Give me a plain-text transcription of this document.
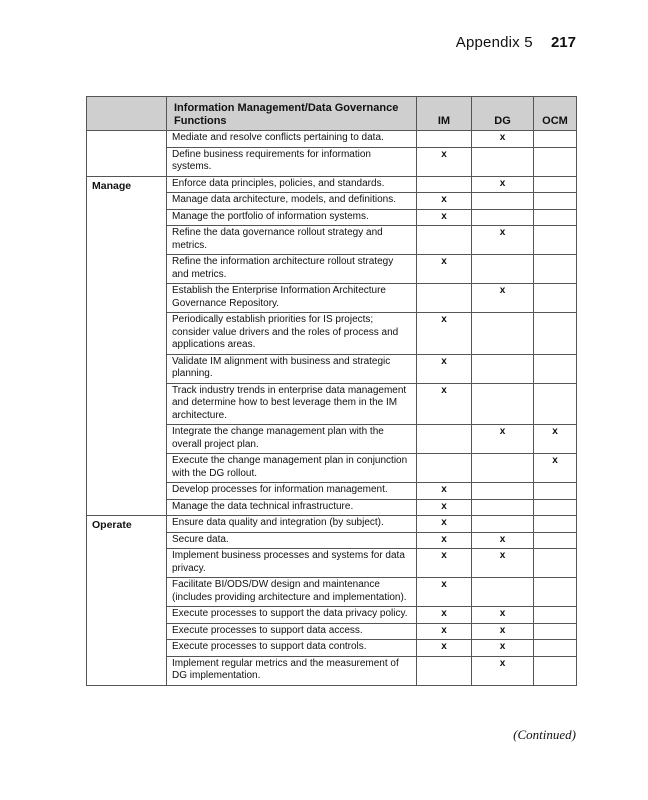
Appendix 5 217
	Information Management/Data Governance Functions	IM	DG	OCM
	Mediate and resolve conflicts pertaining to data.		x	
	Define business requirements for information systems.	x		
Manage	Enforce data principles, policies, and standards.		x	
	Manage data architecture, models, and definitions.	x		
	Manage the portfolio of information systems.	x		
	Refine the data governance rollout strategy and metrics.		x	
	Refine the information architecture rollout strategy and metrics.	x		
	Establish the Enterprise Information Architecture Governance Repository.		x	
	Periodically establish priorities for IS projects; consider value drivers and the roles of process and applications areas.	x		
	Validate IM alignment with business and strategic planning.	x		
	Track industry trends in enterprise data management and determine how to best leverage them in the IM architecture.	x		
	Integrate the change management plan with the overall project plan.		x	x
	Execute the change management plan in conjunction with the DG rollout.			x
	Develop processes for information management.	x		
	Manage the data technical infrastructure.	x		
Operate	Ensure data quality and integration (by subject).	x		
	Secure data.	x	x	
	Implement business processes and systems for data privacy.	x	x	
	Facilitate BI/ODS/DW design and maintenance (includes providing architecture and implementation).	x		
	Execute processes to support the data privacy policy.	x	x	
	Execute processes to support data access.	x	x	
	Execute processes to support data controls.	x	x	
	Implement regular metrics and the measurement of DG implementation.		x	
(Continued)
